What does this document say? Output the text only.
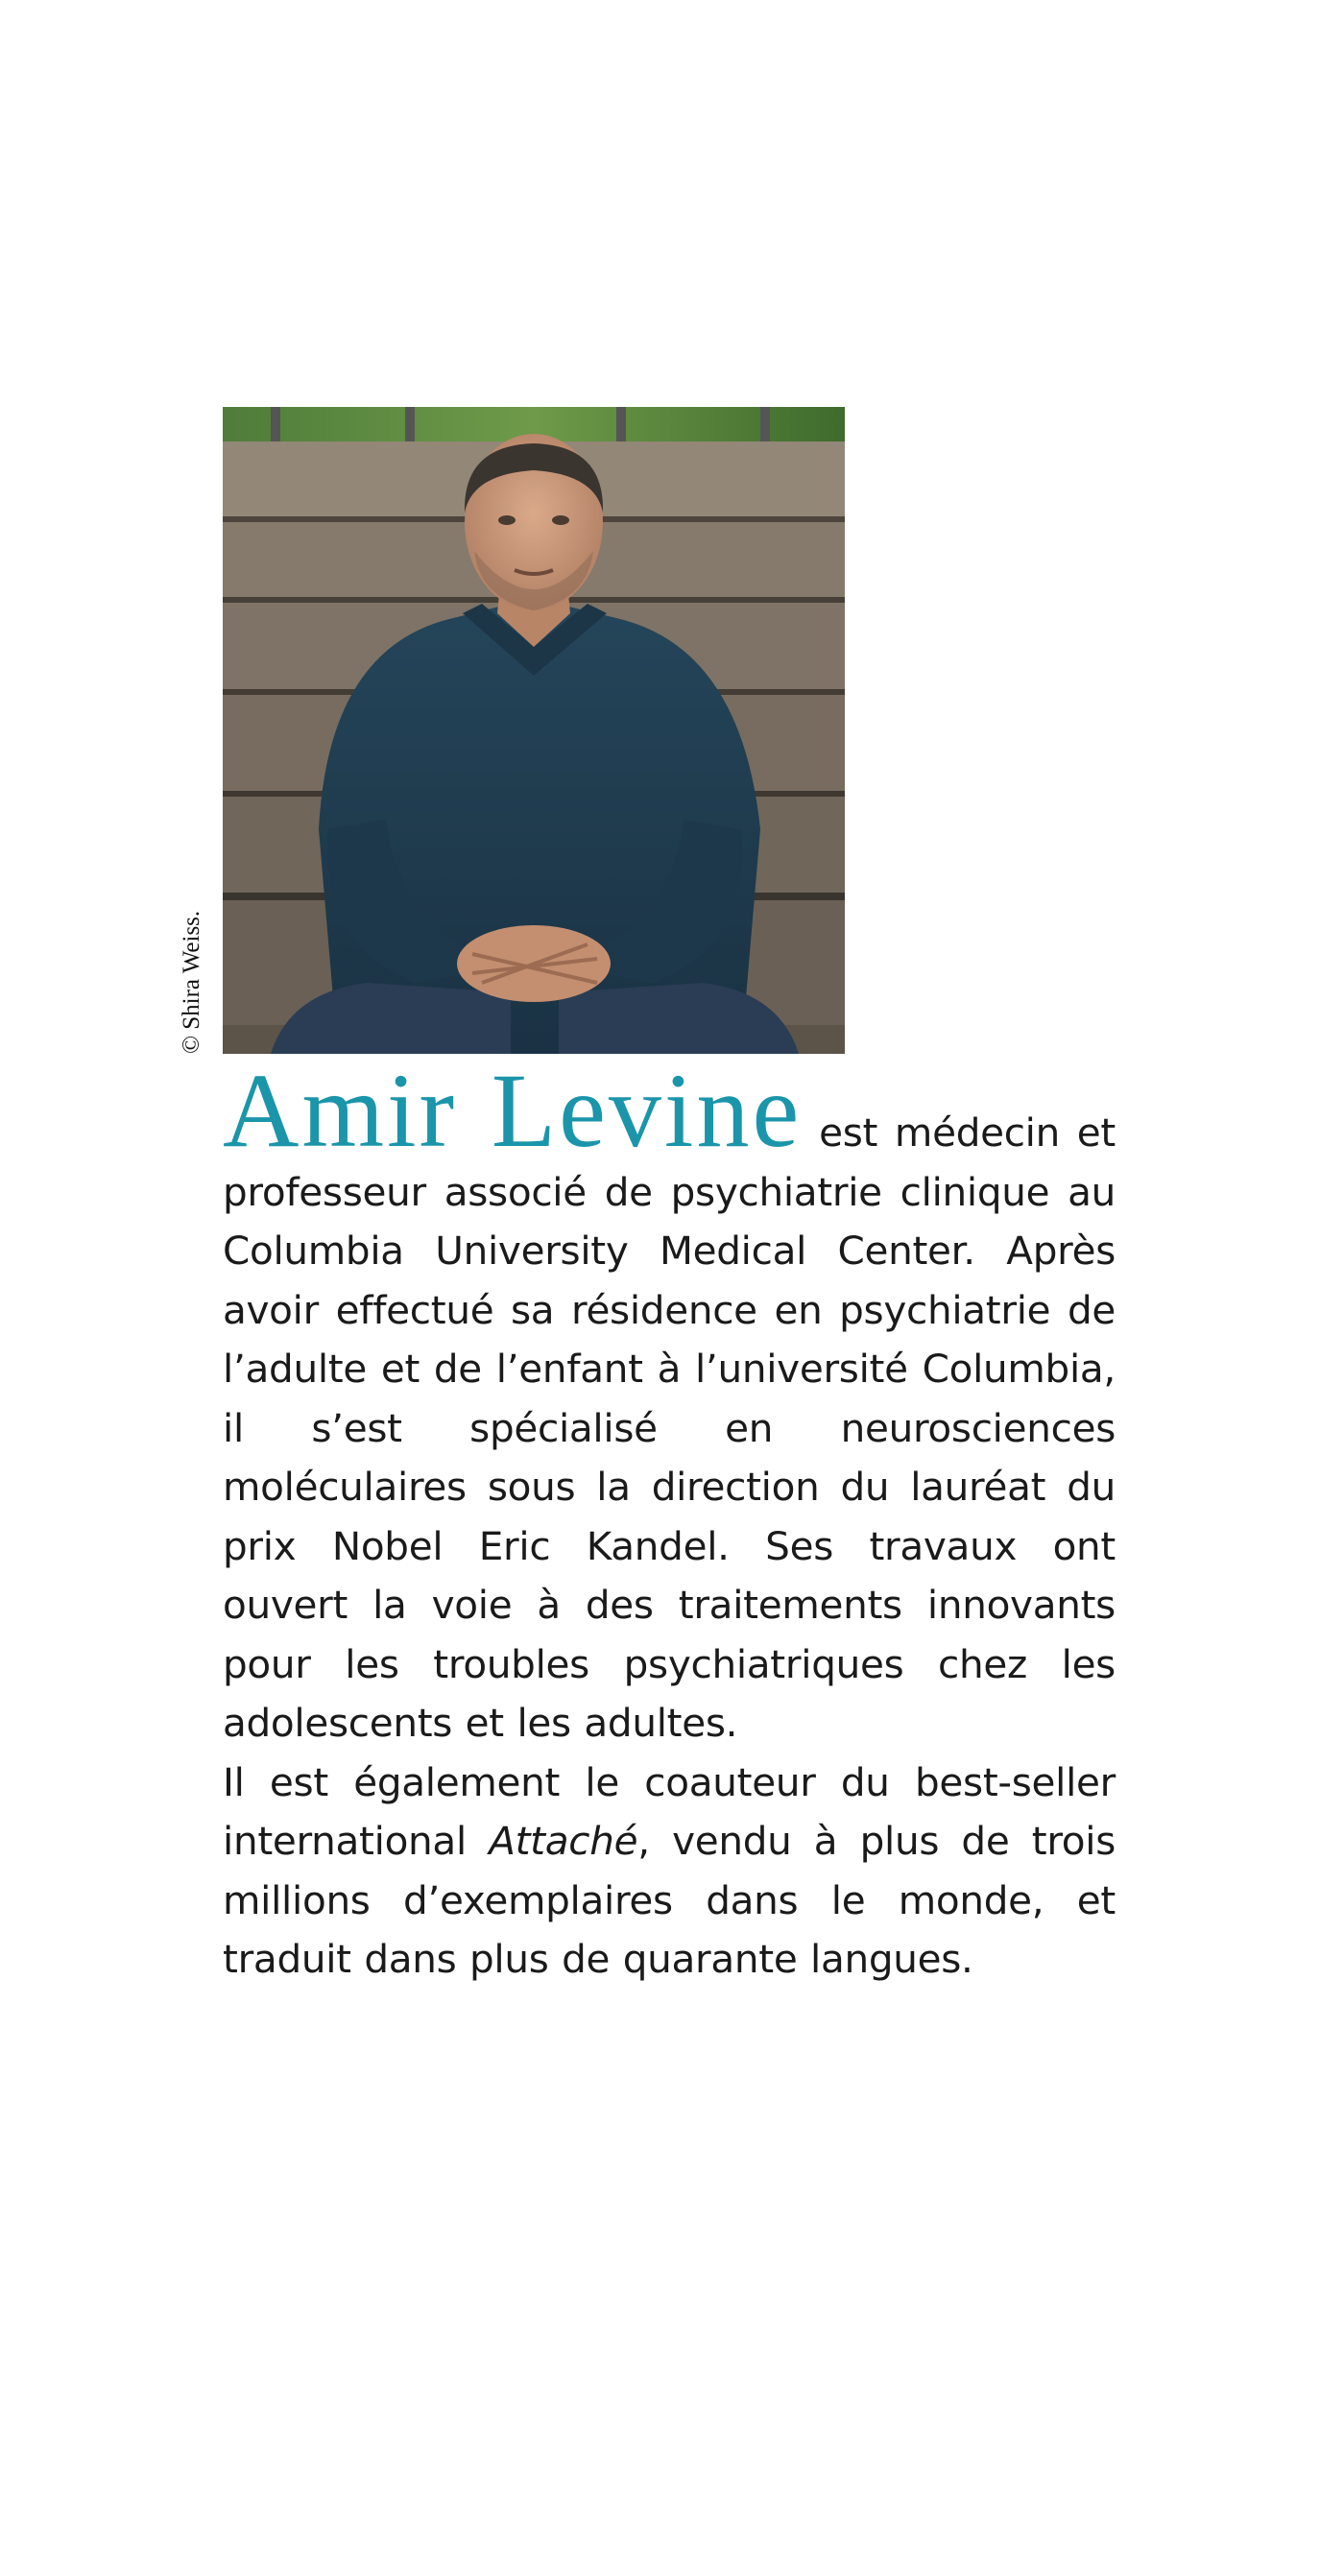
© Shira Weiss.

Amir Levine est médecin et professeur associé de psychiatrie clinique au Columbia University Medical Center. Après avoir effectué sa résidence en psychiatrie de l’adulte et de l’enfant à l’université Columbia, il s’est spécialisé en neurosciences moléculaires sous la direction du lauréat du prix Nobel Eric Kandel. Ses travaux ont ouvert la voie à des traitements innovants pour les troubles psychiatriques chez les adolescents et les adultes.

Il est également le coauteur du best-seller international Attaché, vendu à plus de trois millions d’exemplaires dans le monde, et traduit dans plus de quarante langues.
